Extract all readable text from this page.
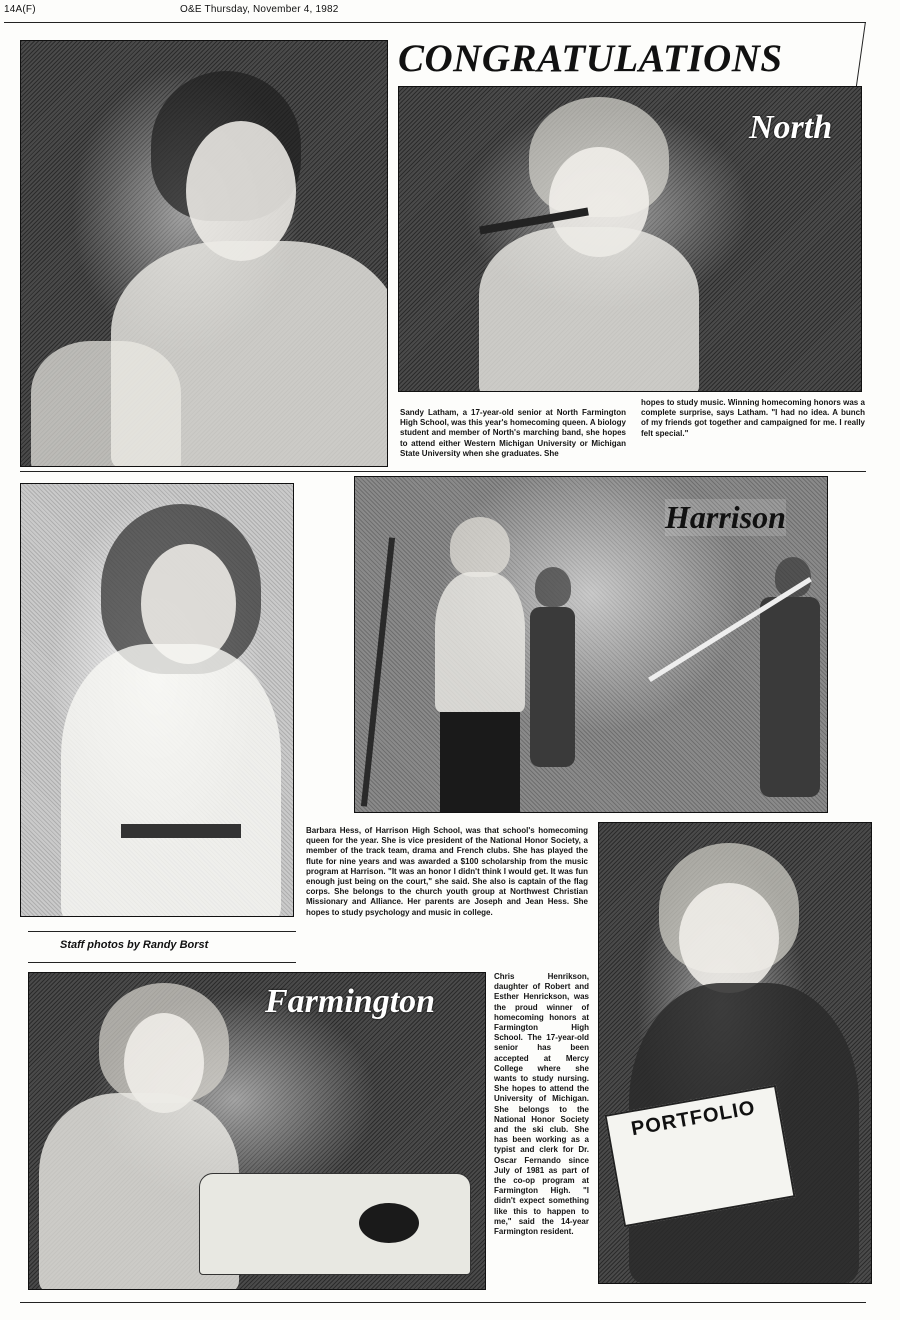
14A(F)	O&E Thursday, November 4, 1982
CONGRATULATIONS
North
Sandy Latham, a 17-year-old senior at North Farmington High School, was this year's homecoming queen. A biology student and member of North's marching band, she hopes to attend either Western Michigan University or Michigan State University when she graduates. She
hopes to study music. Winning homecoming honors was a complete surprise, says Latham. "I had no idea. A bunch of my friends got together and campaigned for me. I really felt special."
Harrison
Barbara Hess, of Harrison High School, was that school's homecoming queen for the year. She is vice president of the National Honor Society, a member of the track team, drama and French clubs. She has played the flute for nine years and was awarded a $100 scholarship from the music program at Harrison. "It was an honor I didn't think I would get. It was fun enough just being on the court," she said. She also is captain of the flag corps. She belongs to the church youth group at Northwest Christian Missionary and Alliance. Her parents are Joseph and Jean Hess. She hopes to study psychology and music in college.
PORTFOLIO
Staff photos by Randy Borst
Farmington
Chris Henrikson, daughter of Robert and Esther Henrickson, was the proud winner of homecoming honors at Farmington High School. The 17-year-old senior has been accepted at Mercy College where she wants to study nursing. She hopes to attend the University of Michigan. She belongs to the National Honor Society and the ski club. She has been working as a typist and clerk for Dr. Oscar Fernando since July of 1981 as part of the co-op program at Farmington High. "I didn't expect something like this to happen to me," said the 14-year Farmington resident.
